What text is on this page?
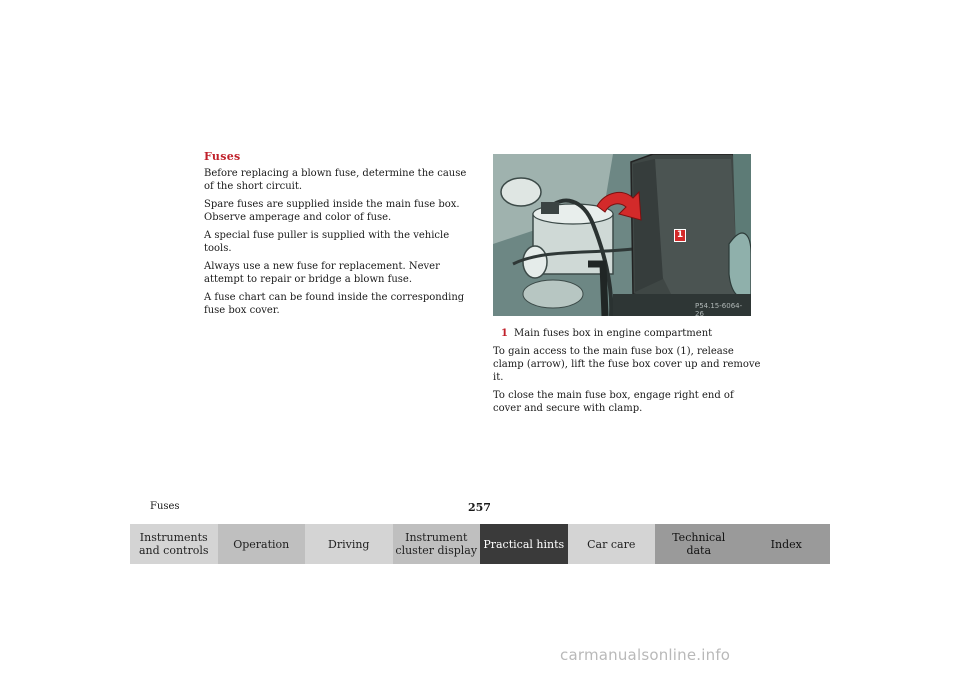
Fuses

Before replacing a blown fuse, determine the cause of the short circuit.

Spare fuses are supplied inside the main fuse box. Observe amperage and color of fuse.

A special fuse puller is supplied with the vehicle tools.

Always use a new fuse for replacement. Never attempt to repair or bridge a blown fuse.

A fuse chart can be found inside the corresponding fuse box cover.

1
P54.15-6064-26

1 Main fuses box in engine compartment

To gain access to the main fuse box (1), release clamp (arrow), lift the fuse box cover up and remove it.

To close the main fuse box, engage right end of cover and secure with clamp.

Fuses	257
Instruments
and controls	Operation	Driving	Instrument
cluster display Practical hints	Car care	Technical
data	Index
carmanualsonline.info
